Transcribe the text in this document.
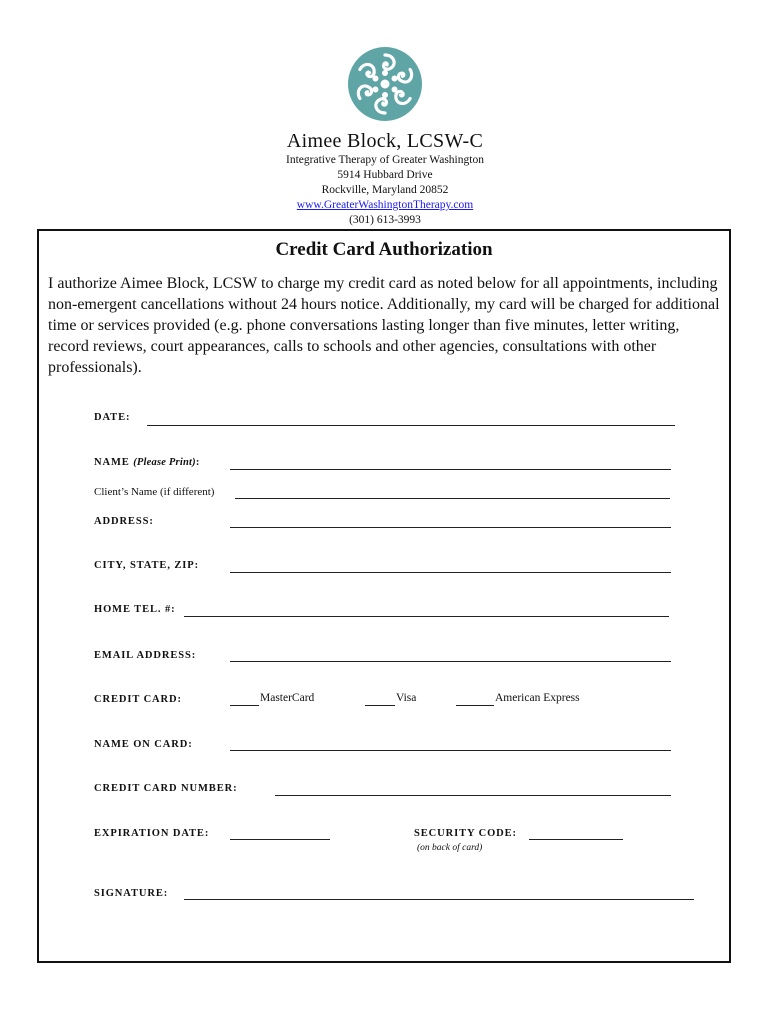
Aimee Block, LCSW-C
Integrative Therapy of Greater Washington
5914 Hubbard Drive
Rockville, Maryland 20852
www.GreaterWashingtonTherapy.com
(301) 613-3993
Credit Card Authorization
I authorize Aimee Block, LCSW to charge my credit card as noted below for all appointments, including non-emergent cancellations without 24 hours notice. Additionally, my card will be charged for additional time or services provided (e.g. phone conversations lasting longer than five minutes, letter writing, record reviews, court appearances, calls to schools and other agencies, consultations with other professionals).
DATE:
NAME (Please Print):
Client’s Name (if different)
ADDRESS:
CITY, STATE, ZIP:
HOME TEL. #:
EMAIL ADDRESS:
CREDIT CARD:	MasterCard	Visa	American Express
NAME ON CARD:
CREDIT CARD NUMBER:
EXPIRATION DATE:	SECURITY CODE:
(on back of card)
SIGNATURE:
